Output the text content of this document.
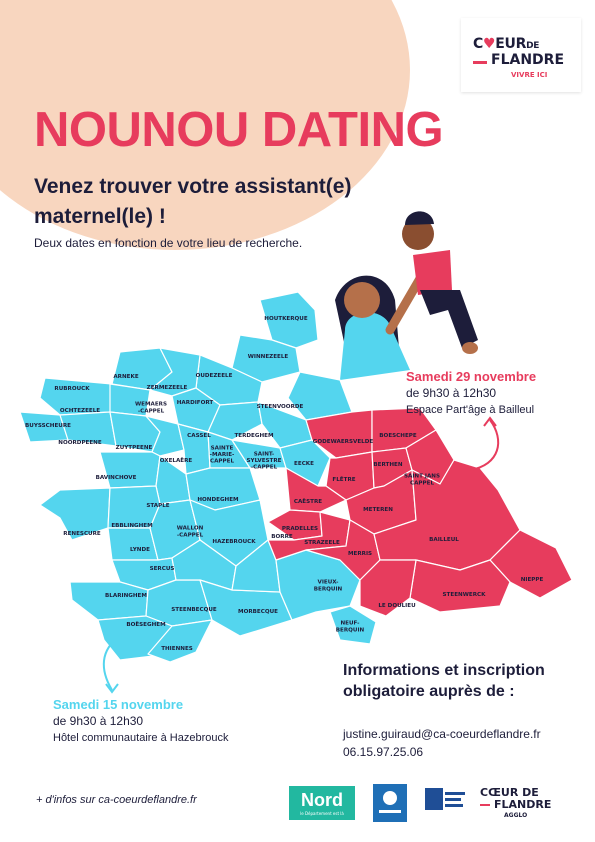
C♥EURDE
FLANDRE
VIVRE ICI
NOUNOU DATING

Venez trouver votre assistant(e) maternel(le) !

Deux dates en fonction de votre lieu de recherche.
HOUTKERQUE
WINNEZEELE
ARNEKE
RUBROUCK	ZERMEZEELE
OUDEZEELE
OCHTEZEELE
WEMAERS -CAPPEL
HARDIFORT
STEENVOORDE
BUYSSCHEURE
NOORDPEENE
CASSEL	TERDEGHEM
GODEWAERSVELDE
BOESCHEPE
ZUYTPEENE
OXELAËRE
SAINTE -MARIE-CAPPEL
SAINT-SYLVESTRE -CAPPEL
EECKE	BERTHEN
BAVINCHOVE	FLÊTRE
SAINT JANS CAPPEL
STAPLE
HONDEGHEM	CAËSTRE
METEREN
RENESCURE
EBBLINGHEM	WALLON -CAPPEL
HAZEBROUCK
PRADELLES
BORRE
STRAZEELE	BAILLEUL
LYNDE
MERRIS
SERCUS
VIEUX-BERQUIN
NIEPPE
BLARINGHEM	STEENWERCK
STEENBECQUE
LE DOULIEU
MORBECQUE
BOËSEGHEM	NEUF-BERQUIN
THIENNES
Samedi 29 novembre
de 9h30 à 12h30
Espace Part'âge à Bailleul
Samedi 15 novembre
de 9h30 à 12h30
Hôtel communautaire à Hazebrouck

Informations et inscription obligatoire auprès de :

justine.guiraud@ca-coeurdeflandre.fr
06.15.97.25.06
+ d'infos sur ca-coeurdeflandre.fr	Nord
le Département est là
CŒUR DE
FLANDRE
AGGLO
